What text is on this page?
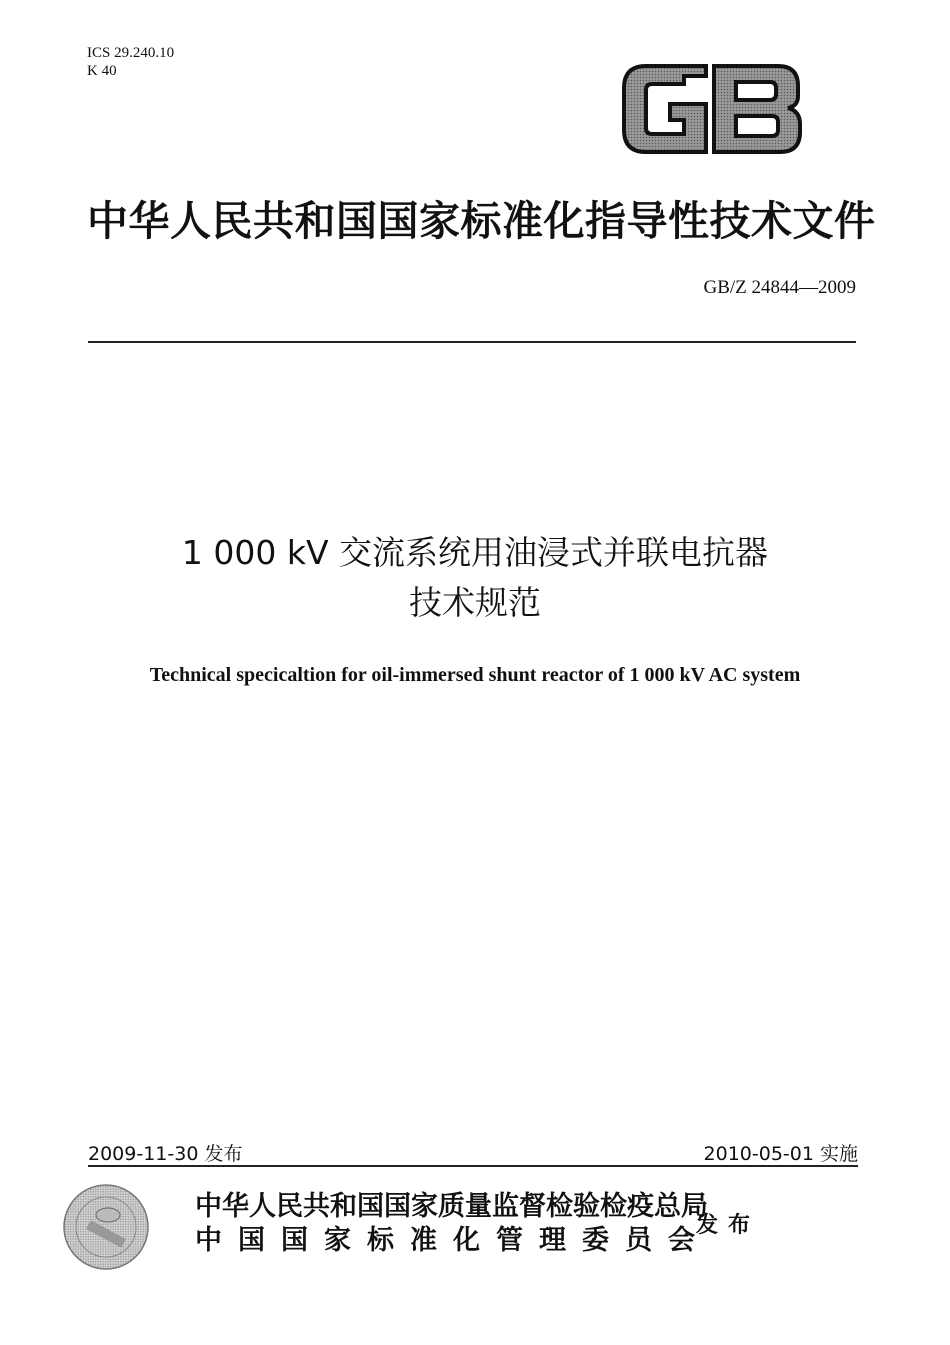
ICS 29.240.10
K 40
中华人民共和国国家标准化指导性技术文件
GB/Z 24844—2009
1 000 kV 交流系统用油浸式并联电抗器
技术规范
Technical specicaltion for oil-immersed shunt reactor of 1 000 kV AC system
2009-11-30 发布	2010-05-01 实施
中华人民共和国国家质量监督检验检疫总局
中国国家标准化管理委员会
发布
